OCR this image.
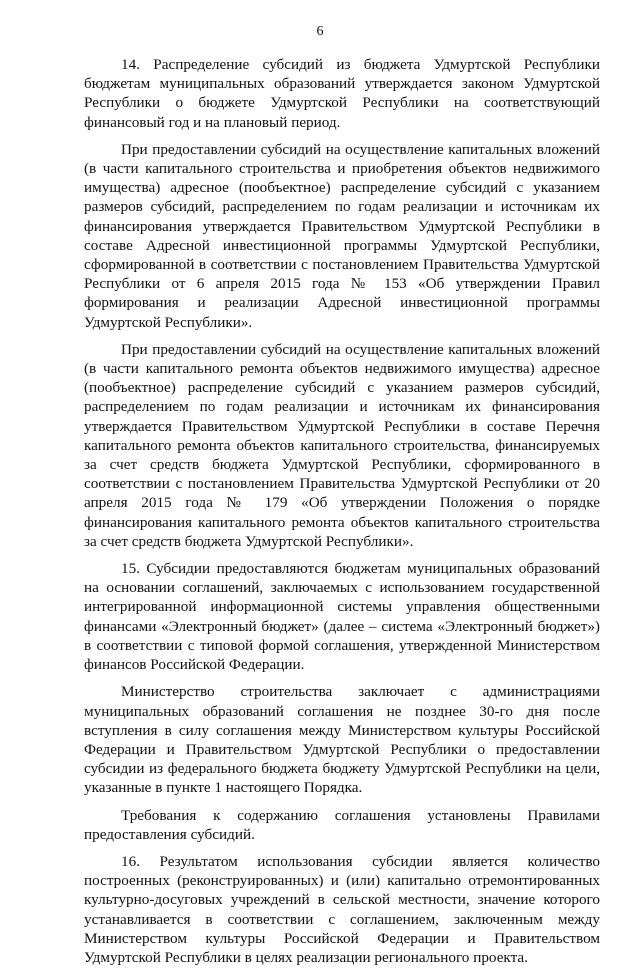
6

14. Распределение субсидий из бюджета Удмуртской Республики бюджетам муниципальных образований утверждается законом Удмуртской Республики о бюджете Удмуртской Республики на соответствующий финансовый год и на плановый период.

При предоставлении субсидий на осуществление капитальных вложений (в части капитального строительства и приобретения объектов недвижимого имущества) адресное (пообъектное) распределение субсидий с указанием размеров субсидий, распределением по годам реализации и источникам их финансирования утверждается Правительством Удмуртской Республики в составе Адресной инвестиционной программы Удмуртской Республики, сформированной в соответствии с постановлением Правительства Удмуртской Республики от 6 апреля 2015 года № 153 «Об утверждении Правил формирования и реализации Адресной инвестиционной программы Удмуртской Республики».

При предоставлении субсидий на осуществление капитальных вложений (в части капитального ремонта объектов недвижимого имущества) адресное (пообъектное) распределение субсидий с указанием размеров субсидий, распределением по годам реализации и источникам их финансирования утверждается Правительством Удмуртской Республики в составе Перечня капитального ремонта объектов капитального строительства, финансируемых за счет средств бюджета Удмуртской Республики, сформированного в соответствии с постановлением Правительства Удмуртской Республики от 20 апреля 2015 года № 179 «Об утверждении Положения о порядке финансирования капитального ремонта объектов капитального строительства за счет средств бюджета Удмуртской Республики».

15. Субсидии предоставляются бюджетам муниципальных образований на основании соглашений, заключаемых с использованием государственной интегрированной информационной системы управления общественными финансами «Электронный бюджет» (далее – система «Электронный бюджет») в соответствии с типовой формой соглашения, утвержденной Министерством финансов Российской Федерации.

Министерство строительства заключает с администрациями муниципальных образований соглашения не позднее 30-го дня после вступления в силу соглашения между Министерством культуры Российской Федерации и Правительством Удмуртской Республики о предоставлении субсидии из федерального бюджета бюджету Удмуртской Республики на цели, указанные в пункте 1 настоящего Порядка.

Требования к содержанию соглашения установлены Правилами предоставления субсидий.

16. Результатом использования субсидии является количество построенных (реконструированных) и (или) капитально отремонтированных культурно-досуговых учреждений в сельской местности, значение которого устанавливается в соответствии с соглашением, заключенным между Министерством культуры Российской Федерации и Правительством Удмуртской Республики в целях реализации регионального проекта.
